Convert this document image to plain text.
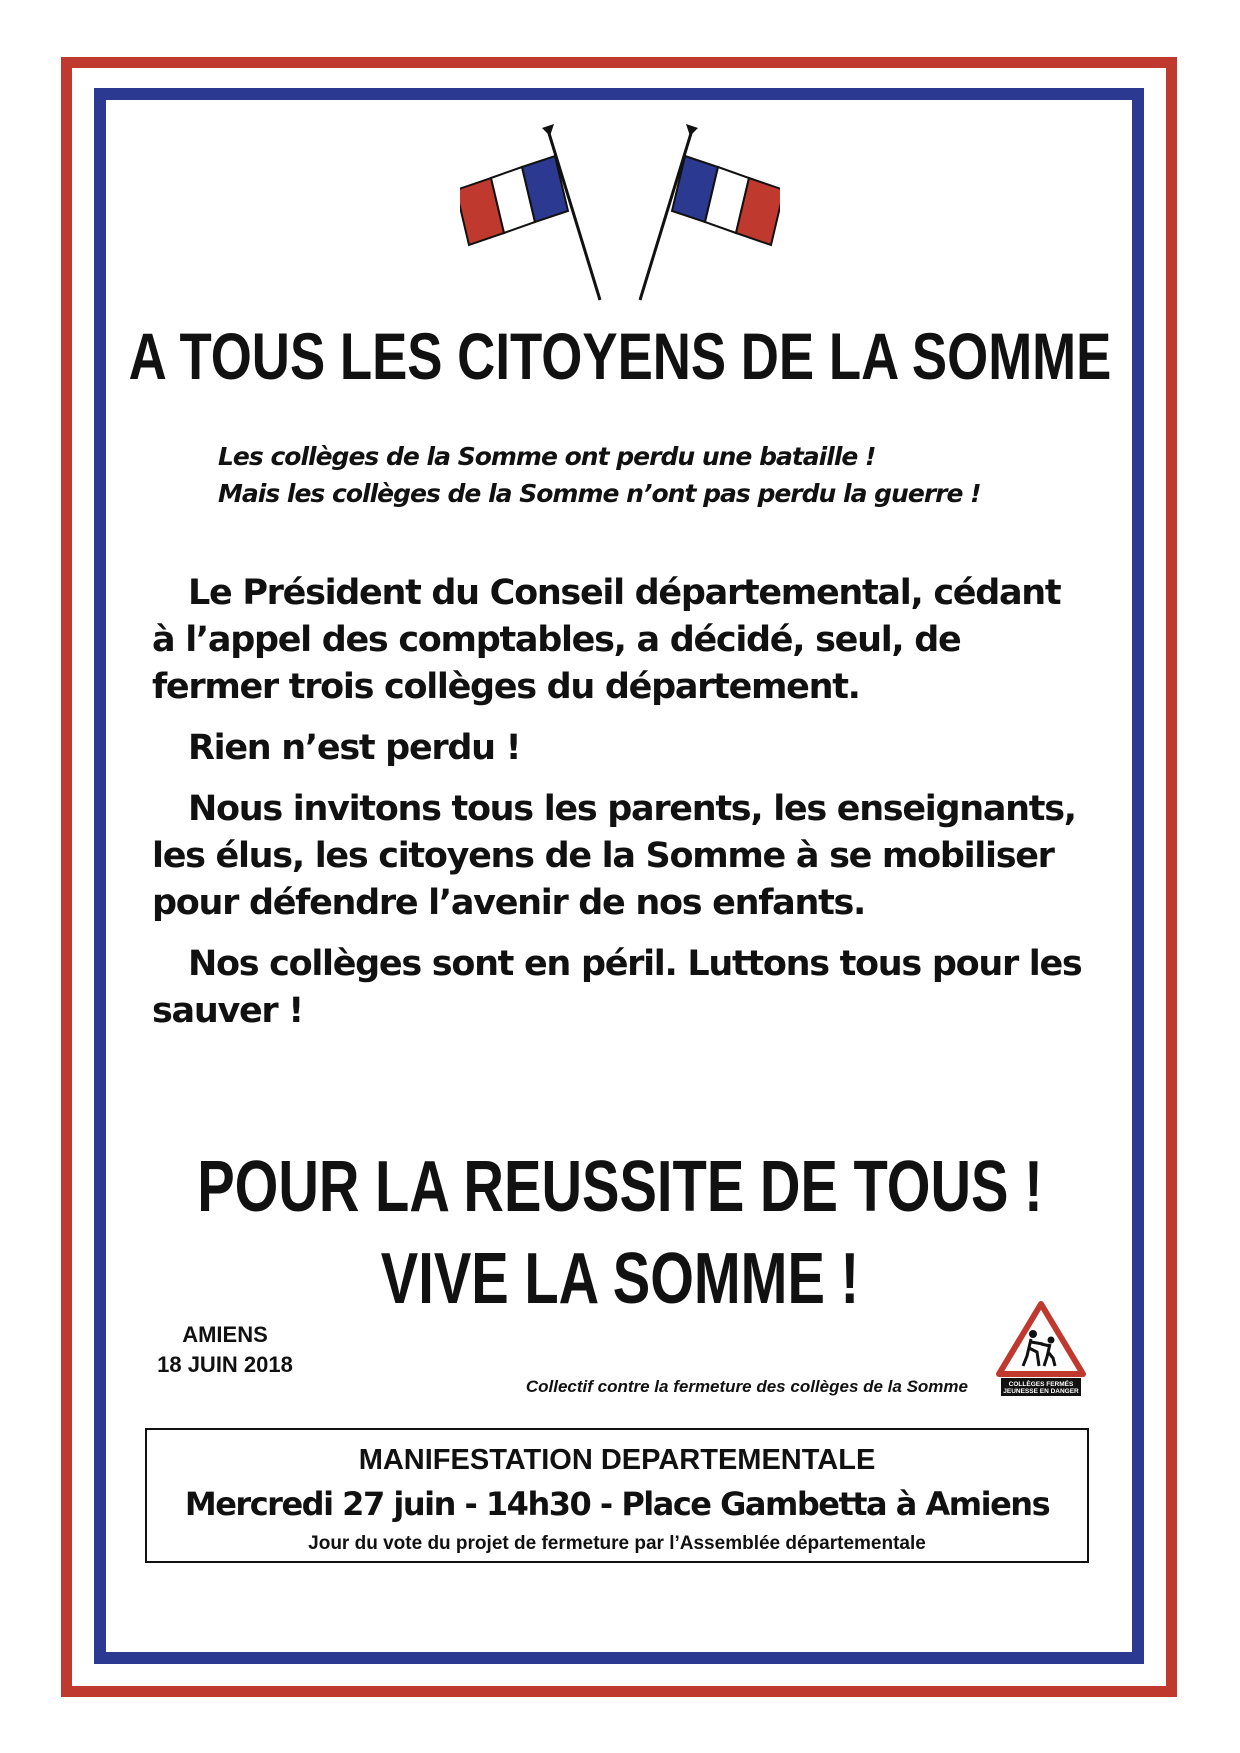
A TOUS LES CITOYENS DE LA SOMME
Les collèges de la Somme ont perdu une bataille !
Mais les collèges de la Somme n’ont pas perdu la guerre !

Le Président du Conseil départemental, cédant à l’appel des comptables, a décidé, seul, de fermer trois collèges du département.

Rien n’est perdu !

Nous invitons tous les parents, les enseignants, les élus, les citoyens de la Somme à se mobiliser pour défendre l’avenir de nos enfants.

Nos collèges sont en péril. Luttons tous pour les sauver !

POUR LA REUSSITE DE TOUS !
VIVE LA SOMME !
AMIENS
18 JUIN 2018
Collectif contre la fermeture des collèges de la Somme	COLLÈGES FERMÉS
JEUNESSE EN DANGER
MANIFESTATION DEPARTEMENTALE
Mercredi 27 juin - 14h30 - Place Gambetta à Amiens
Jour du vote du projet de fermeture par l’Assemblée départementale
